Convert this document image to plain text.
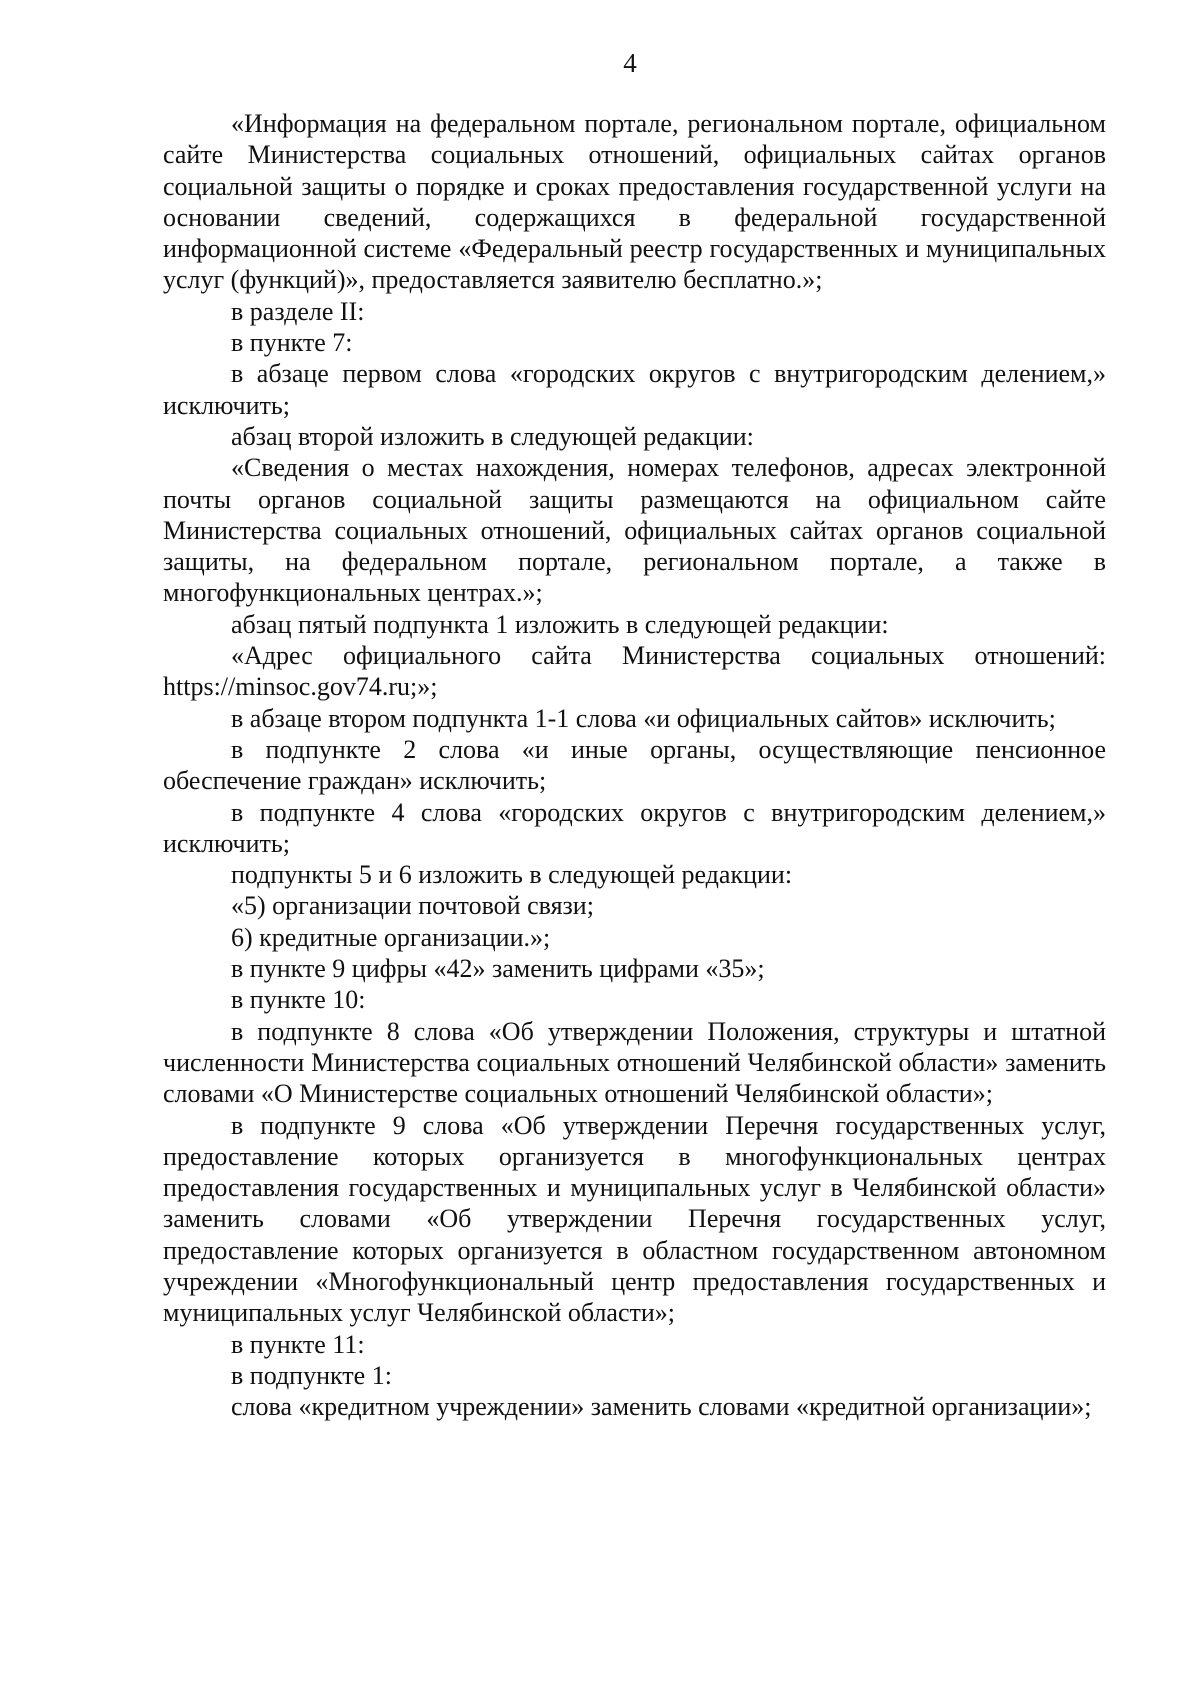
4

«Информация на федеральном портале, региональном портале, официальном сайте Министерства социальных отношений, официальных сайтах органов социальной защиты о порядке и сроках предоставления государственной услуги на основании сведений, содержащихся в федеральной государственной информационной системе «Федеральный реестр государственных и муниципальных услуг (функций)», предоставляется заявителю бесплатно.»;

в разделе II:

в пункте 7:

в абзаце первом слова «городских округов с внутригородским делением,» исключить;

абзац второй изложить в следующей редакции:

«Сведения о местах нахождения, номерах телефонов, адресах электронной почты органов социальной защиты размещаются на официальном сайте Министерства социальных отношений, официальных сайтах органов социальной защиты, на федеральном портале, региональном портале, а также в многофункциональных центрах.»;

абзац пятый подпункта 1 изложить в следующей редакции:

«Адрес официального сайта Министерства социальных отношений: https://minsoc.gov74.ru;»;

в абзаце втором подпункта 1-1 слова «и официальных сайтов» исключить;

в подпункте 2 слова «и иные органы, осуществляющие пенсионное обеспечение граждан» исключить;

в подпункте 4 слова «городских округов с внутригородским делением,» исключить;

подпункты 5 и 6 изложить в следующей редакции:

«5) организации почтовой связи;

6) кредитные организации.»;

в пункте 9 цифры «42» заменить цифрами «35»;

в пункте 10:

в подпункте 8 слова «Об утверждении Положения, структуры и штатной численности Министерства социальных отношений Челябинской области» заменить словами «О Министерстве социальных отношений Челябинской области»;

в подпункте 9 слова «Об утверждении Перечня государственных услуг, предоставление которых организуется в многофункциональных центрах предоставления государственных и муниципальных услуг в Челябинской области» заменить словами «Об утверждении Перечня государственных услуг, предоставление которых организуется в областном государственном автономном учреждении «Многофункциональный центр предоставления государственных и муниципальных услуг Челябинской области»;

в пункте 11:

в подпункте 1:

слова «кредитном учреждении» заменить словами «кредитной организации»;
